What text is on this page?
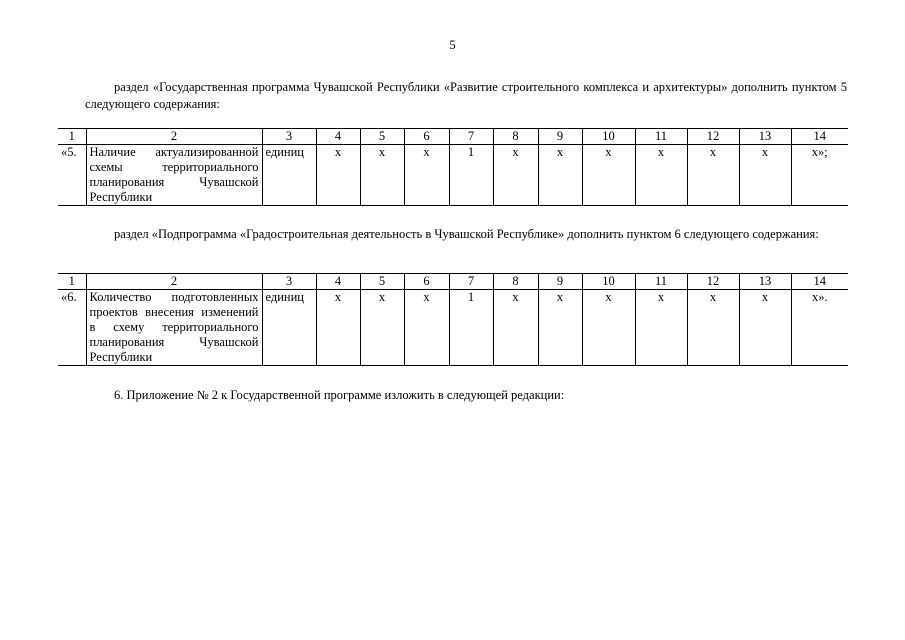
5
раздел «Государственная программа Чувашской Республики «Развитие строительного комплекса и архитектуры» дополнить пунктом 5 следующего содержания:
1	2	3	4	5	6	7	8	9	10	11	12	13	14
«5.	Наличие актуализированной схемы территориального планирования Чувашской Республики	единиц	x	x	x	1	x	x	x	x	x	x	x»;
раздел «Подпрограмма «Градостроительная деятельность в Чувашской Республике» дополнить пунктом 6 следующего содержания:
1	2	3	4	5	6	7	8	9	10	11	12	13	14
«6.	Количество подготовленных проектов внесения изменений в схему территориального планирования Чувашской Республики	единиц	x	x	x	1	x	x	x	x	x	x	x».
6. Приложение № 2 к Государственной программе изложить в следующей редакции:
